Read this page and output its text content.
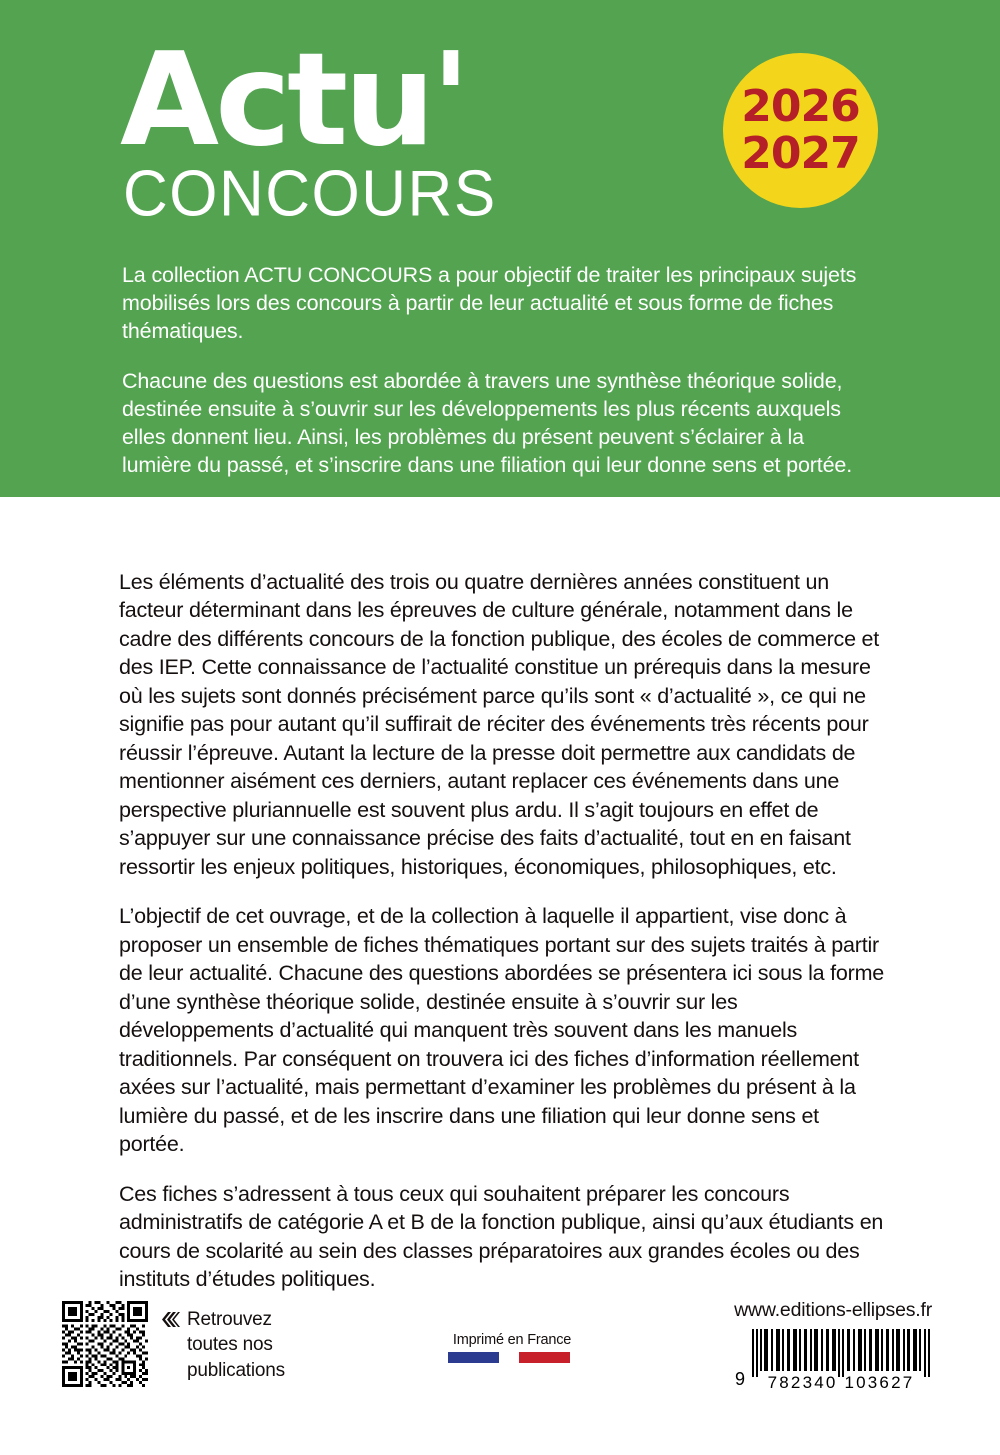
Actu'
CONCOURS
2026
2027

La collection ACTU CONCOURS a pour objectif de traiter les principaux sujets mobilisés lors des concours à partir de leur actualité et sous forme de fiches thématiques.

Chacune des questions est abordée à travers une synthèse théorique solide, destinée ensuite à s’ouvrir sur les développements les plus récents auxquels elles donnent lieu. Ainsi, les problèmes du présent peuvent s’éclairer à la lumière du passé, et s’inscrire dans une filiation qui leur donne sens et portée.

Les éléments d’actualité des trois ou quatre dernières années constituent un facteur déterminant dans les épreuves de culture générale, notamment dans le cadre des différents concours de la fonction publique, des écoles de commerce et des IEP. Cette connaissance de l’actualité constitue un prérequis dans la mesure où les sujets sont donnés précisément parce qu’ils sont « d’actualité », ce qui ne signifie pas pour autant qu’il suffirait de réciter des événements très récents pour réussir l’épreuve. Autant la lecture de la presse doit permettre aux candidats de mentionner aisément ces derniers, autant replacer ces événements dans une perspective pluriannuelle est souvent plus ardu. Il s’agit toujours en effet de s’appuyer sur une connaissance précise des faits d’actualité, tout en en faisant ressortir les enjeux politiques, historiques, économiques, philosophiques, etc.

L’objectif de cet ouvrage, et de la collection à laquelle il appartient, vise donc à proposer un ensemble de fiches thématiques portant sur des sujets traités à partir de leur actualité. Chacune des questions abordées se présentera ici sous la forme d’une synthèse théorique solide, destinée ensuite à s’ouvrir sur les développements d’actualité qui manquent très souvent dans les manuels traditionnels. Par conséquent on trouvera ici des fiches d’information réellement axées sur l’actualité, mais permettant d’examiner les problèmes du présent à la lumière du passé, et de les inscrire dans une filiation qui leur donne sens et portée.

Ces fiches s’adressent à tous ceux qui souhaitent préparer les concours administratifs de catégorie A et B de la fonction publique, ainsi qu’aux étudiants en cours de scolarité au sein des classes préparatoires aux grandes écoles ou des instituts d’études politiques.

Retrouvez
toutes nos
publications
Imprimé en France
www.editions-ellipses.fr
9 782340 103627
